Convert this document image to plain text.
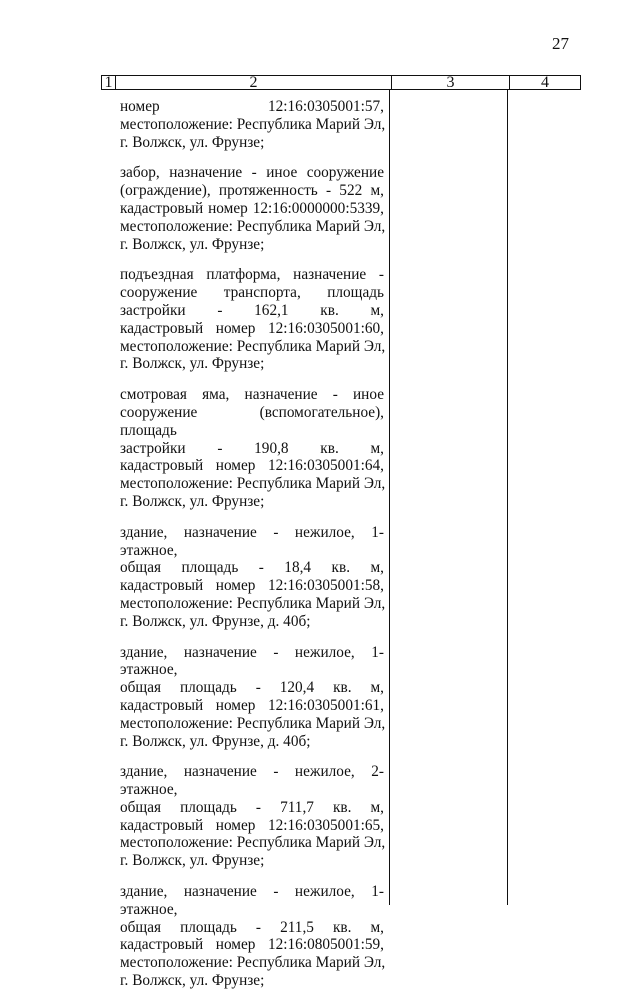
27
1	2	3	4
номер 12:16:0305001:57,
местоположение: Республика Марий Эл,
г. Волжск, ул. Фрунзе;
забор, назначение - иное сооружение
(ограждение), протяженность - 522 м,
кадастровый номер 12:16:0000000:5339,
местоположение: Республика Марий Эл,
г. Волжск, ул. Фрунзе;
подъездная платформа, назначение -
сооружение транспорта, площадь
застройки - 162,1 кв. м,
кадастровый номер 12:16:0305001:60,
местоположение: Республика Марий Эл,
г. Волжск, ул. Фрунзе;
смотровая яма, назначение - иное
сооружение (вспомогательное), площадь
застройки - 190,8 кв. м,
кадастровый номер 12:16:0305001:64,
местоположение: Республика Марий Эл,
г. Волжск, ул. Фрунзе;
здание, назначение - нежилое, 1-этажное,
общая площадь - 18,4 кв. м,
кадастровый номер 12:16:0305001:58,
местоположение: Республика Марий Эл,
г. Волжск, ул. Фрунзе, д. 40б;
здание, назначение - нежилое, 1-этажное,
общая площадь - 120,4 кв. м,
кадастровый номер 12:16:0305001:61,
местоположение: Республика Марий Эл,
г. Волжск, ул. Фрунзе, д. 40б;
здание, назначение - нежилое, 2-этажное,
общая площадь - 711,7 кв. м,
кадастровый номер 12:16:0305001:65,
местоположение: Республика Марий Эл,
г. Волжск, ул. Фрунзе;
здание, назначение - нежилое, 1-этажное,
общая площадь - 211,5 кв. м,
кадастровый номер 12:16:0805001:59,
местоположение: Республика Марий Эл,
г. Волжск, ул. Фрунзе;
